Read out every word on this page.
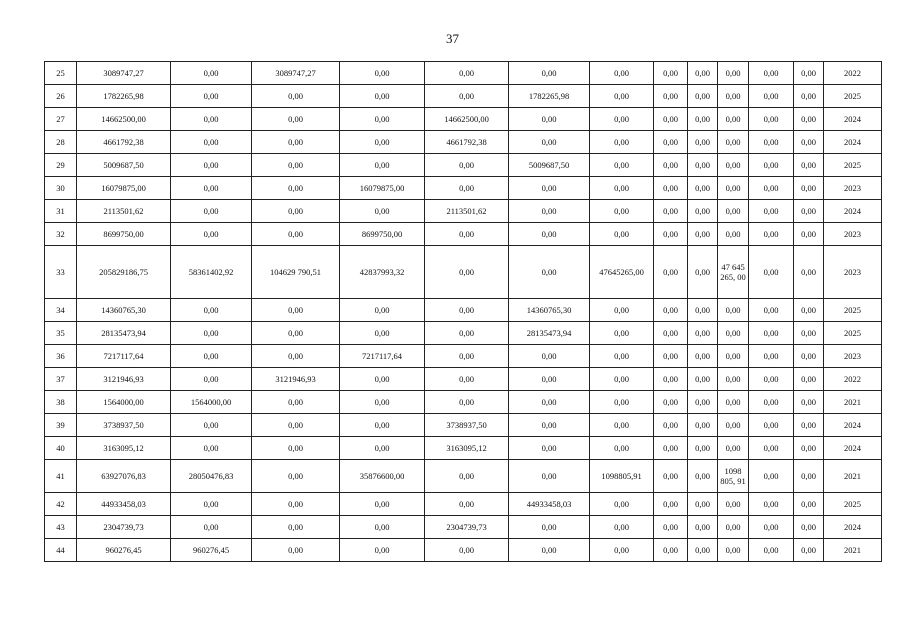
37
25	3089747,27	0,00	3089747,27	0,00	0,00	0,00	0,00	0,00	0,00	0,00	0,00	0,00	2022
26	1782265,98	0,00	0,00	0,00	0,00	1782265,98	0,00	0,00	0,00	0,00	0,00	0,00	2025
27	14662500,00	0,00	0,00	0,00	14662500,00	0,00	0,00	0,00	0,00	0,00	0,00	0,00	2024
28	4661792,38	0,00	0,00	0,00	4661792,38	0,00	0,00	0,00	0,00	0,00	0,00	0,00	2024
29	5009687,50	0,00	0,00	0,00	0,00	5009687,50	0,00	0,00	0,00	0,00	0,00	0,00	2025
30	16079875,00	0,00	0,00	16079875,00	0,00	0,00	0,00	0,00	0,00	0,00	0,00	0,00	2023
31	2113501,62	0,00	0,00	0,00	2113501,62	0,00	0,00	0,00	0,00	0,00	0,00	0,00	2024
32	8699750,00	0,00	0,00	8699750,00	0,00	0,00	0,00	0,00	0,00	0,00	0,00	0,00	2023
33	205829186,75	58361402,92	104629 790,51	42837993,32	0,00	0,00	47645265,00	0,00	0,00	47 645 265, 00	0,00	0,00	2023
34	14360765,30	0,00	0,00	0,00	0,00	14360765,30	0,00	0,00	0,00	0,00	0,00	0,00	2025
35	28135473,94	0,00	0,00	0,00	0,00	28135473,94	0,00	0,00	0,00	0,00	0,00	0,00	2025
36	7217117,64	0,00	0,00	7217117,64	0,00	0,00	0,00	0,00	0,00	0,00	0,00	0,00	2023
37	3121946,93	0,00	3121946,93	0,00	0,00	0,00	0,00	0,00	0,00	0,00	0,00	0,00	2022
38	1564000,00	1564000,00	0,00	0,00	0,00	0,00	0,00	0,00	0,00	0,00	0,00	0,00	2021
39	3738937,50	0,00	0,00	0,00	3738937,50	0,00	0,00	0,00	0,00	0,00	0,00	0,00	2024
40	3163095,12	0,00	0,00	0,00	3163095,12	0,00	0,00	0,00	0,00	0,00	0,00	0,00	2024
41	63927076,83	28050476,83	0,00	35876600,00	0,00	0,00	1098805,91	0,00	0,00	1098 805, 91	0,00	0,00	2021
42	44933458,03	0,00	0,00	0,00	0,00	44933458,03	0,00	0,00	0,00	0,00	0,00	0,00	2025
43	2304739,73	0,00	0,00	0,00	2304739,73	0,00	0,00	0,00	0,00	0,00	0,00	0,00	2024
44	960276,45	960276,45	0,00	0,00	0,00	0,00	0,00	0,00	0,00	0,00	0,00	0,00	2021
